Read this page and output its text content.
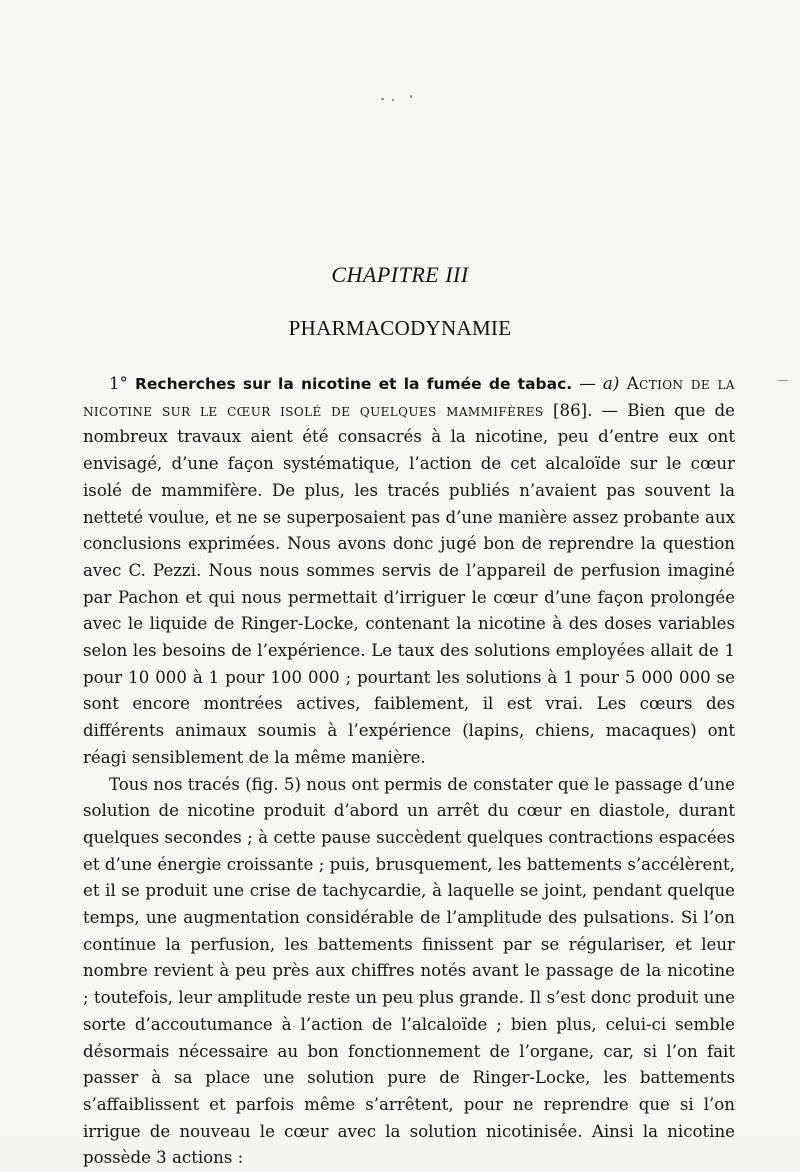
CHAPITRE III
PHARMACODYNAMIE

1° Recherches sur la nicotine et la fumée de tabac. — a) Action de la nicotine sur le cœur isolé de quelques mammifères [86]. — Bien que de nombreux travaux aient été consacrés à la nicotine, peu d’entre eux ont envisagé, d’une façon systématique, l’action de cet alcaloïde sur le cœur isolé de mammifère. De plus, les tracés publiés n’avaient pas souvent la netteté voulue, et ne se superposaient pas d’une manière assez probante aux conclusions exprimées. Nous avons donc jugé bon de reprendre la question avec C. Pezzi. Nous nous sommes servis de l’appareil de perfusion imaginé par Pachon et qui nous permettait d’irriguer le cœur d’une façon prolongée avec le liquide de Ringer-Locke, contenant la nicotine à des doses variables selon les besoins de l’expérience. Le taux des solutions employées allait de 1 pour 10 000 à 1 pour 100 000 ; pourtant les solutions à 1 pour 5 000 000 se sont encore montrées actives, faiblement, il est vrai. Les cœurs des différents animaux soumis à l’expérience (lapins, chiens, macaques) ont réagi sensiblement de la même manière.

Tous nos tracés (fig. 5) nous ont permis de constater que le passage d’une solution de nicotine produit d’abord un arrêt du cœur en diastole, durant quelques secondes ; à cette pause succèdent quelques contractions espacées et d’une énergie croissante ; puis, brusquement, les battements s’accélèrent, et il se produit une crise de tachycardie, à laquelle se joint, pendant quelque temps, une augmentation considérable de l’amplitude des pulsations. Si l’on continue la perfusion, les battements finissent par se régulariser, et leur nombre revient à peu près aux chiffres notés avant le passage de la nicotine ; toutefois, leur amplitude reste un peu plus grande. Il s’est donc produit une sorte d’accoutumance à l’action de l’alcaloïde ; bien plus, celui-ci semble désormais nécessaire au bon fonctionnement de l’organe, car, si l’on fait passer à sa place une solution pure de Ringer-Locke, les battements s’affaiblissent et parfois même s’arrêtent, pour ne reprendre que si l’on irrigue de nouveau le cœur avec la solution nicotinisée. Ainsi la nicotine possède 3 actions :
